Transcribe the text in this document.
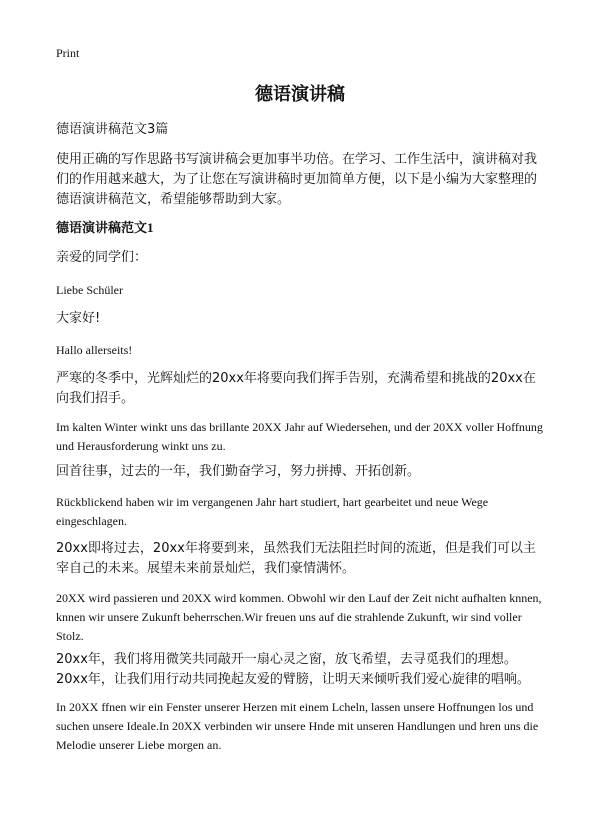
Print
德语演讲稿
德语演讲稿范文3篇
使用正确的写作思路书写演讲稿会更加事半功倍。在学习、工作生活中，演讲稿对我们的作用越来越大，为了让您在写演讲稿时更加简单方便，以下是小编为大家整理的德语演讲稿范文，希望能够帮助到大家。
德语演讲稿范文1
亲爱的同学们：
Liebe Schüler
大家好!
Hallo allerseits!
严寒的冬季中，光辉灿烂的20xx年将要向我们挥手告别，充满希望和挑战的20xx在向我们招手。
Im kalten Winter winkt uns das brillante 20XX Jahr auf Wiedersehen, und der 20XX voller Hoffnung und Herausforderung winkt uns zu.
回首往事，过去的一年，我们勤奋学习，努力拼搏、开拓创新。
Rückblickend haben wir im vergangenen Jahr hart studiert, hart gearbeitet und neue Wege eingeschlagen.
20xx即将过去，20xx年将要到来，虽然我们无法阻拦时间的流逝，但是我们可以主宰自己的未来。展望未来前景灿烂，我们豪情满怀。
20XX wird passieren und 20XX wird kommen. Obwohl wir den Lauf der Zeit nicht aufhalten knnen, knnen wir unsere Zukunft beherrschen.Wir freuen uns auf die strahlende Zukunft, wir sind voller Stolz.
20xx年，我们将用微笑共同敲开一扇心灵之窗，放飞希望，去寻觅我们的理想。20xx年，让我们用行动共同挽起友爱的臂膀，让明天来倾听我们爱心旋律的唱响。
In 20XX ffnen wir ein Fenster unserer Herzen mit einem Lcheln, lassen unsere Hoffnungen los und suchen unsere Ideale.In 20XX verbinden wir unsere Hnde mit unseren Handlungen und hren uns die Melodie unserer Liebe morgen an.
